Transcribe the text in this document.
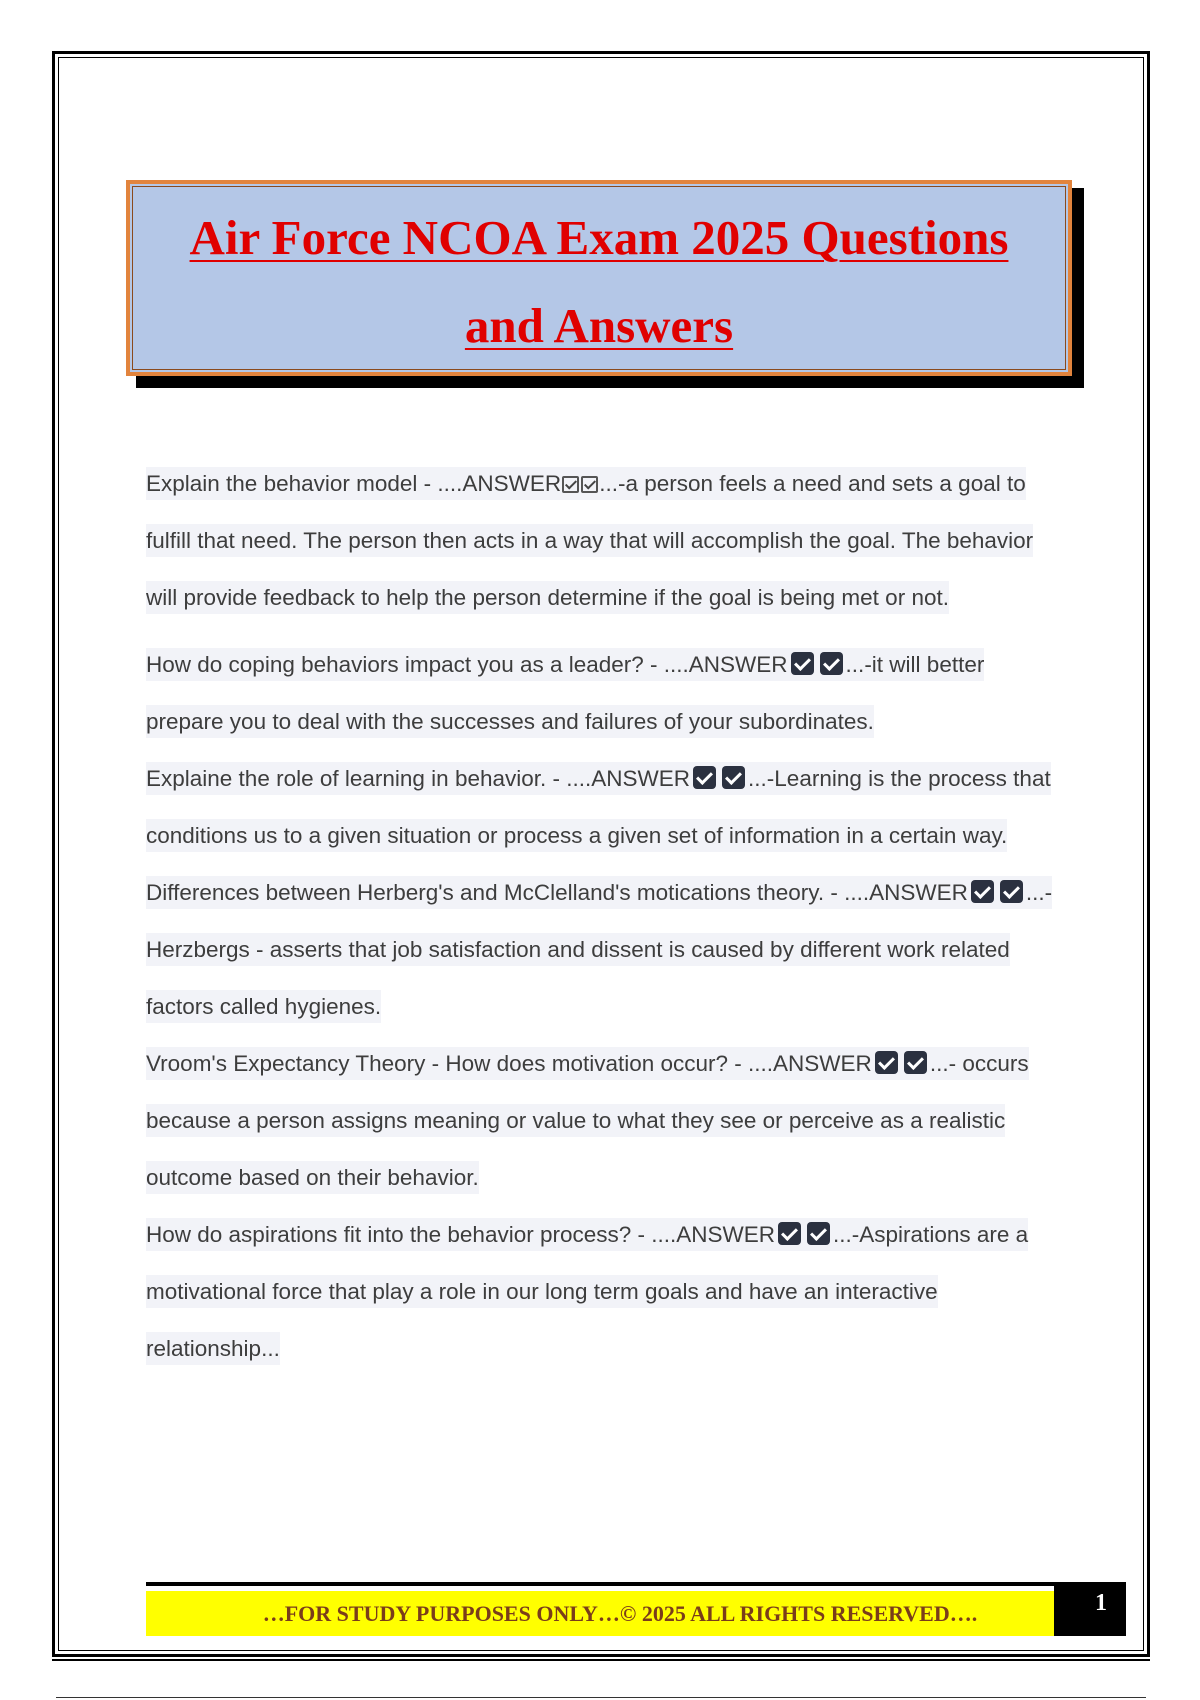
Air Force NCOA Exam 2025 Questions
and Answers
Explain the behavior model - ....ANSWER ...-a person feels a need and sets a goal to fulfill that need. The person then acts in a way that will accomplish the goal. The behavior will provide feedback to help the person determine if the goal is being met or not.
How do coping behaviors impact you as a leader? - ....ANSWER	...-it will better prepare you to deal with the successes and failures of your subordinates.
Explaine the role of learning in behavior. - ....ANSWER	...-Learning is the process that conditions us to a given situation or process a given set of information in a certain way.
Differences between Herberg's and McClelland's motications theory. - ....ANSWER	...-Herzbergs - asserts that job satisfaction and dissent is caused by different work related factors called hygienes.
Vroom's Expectancy Theory - How does motivation occur? - ....ANSWER	...- occurs because a person assigns meaning or value to what they see or perceive as a realistic outcome based on their behavior.
How do aspirations fit into the behavior process? - ....ANSWER	...-Aspirations are a motivational force that play a role in our long term goals and have an interactive relationship...
…FOR STUDY PURPOSES ONLY…© 2025 ALL RIGHTS RESERVED….	1
